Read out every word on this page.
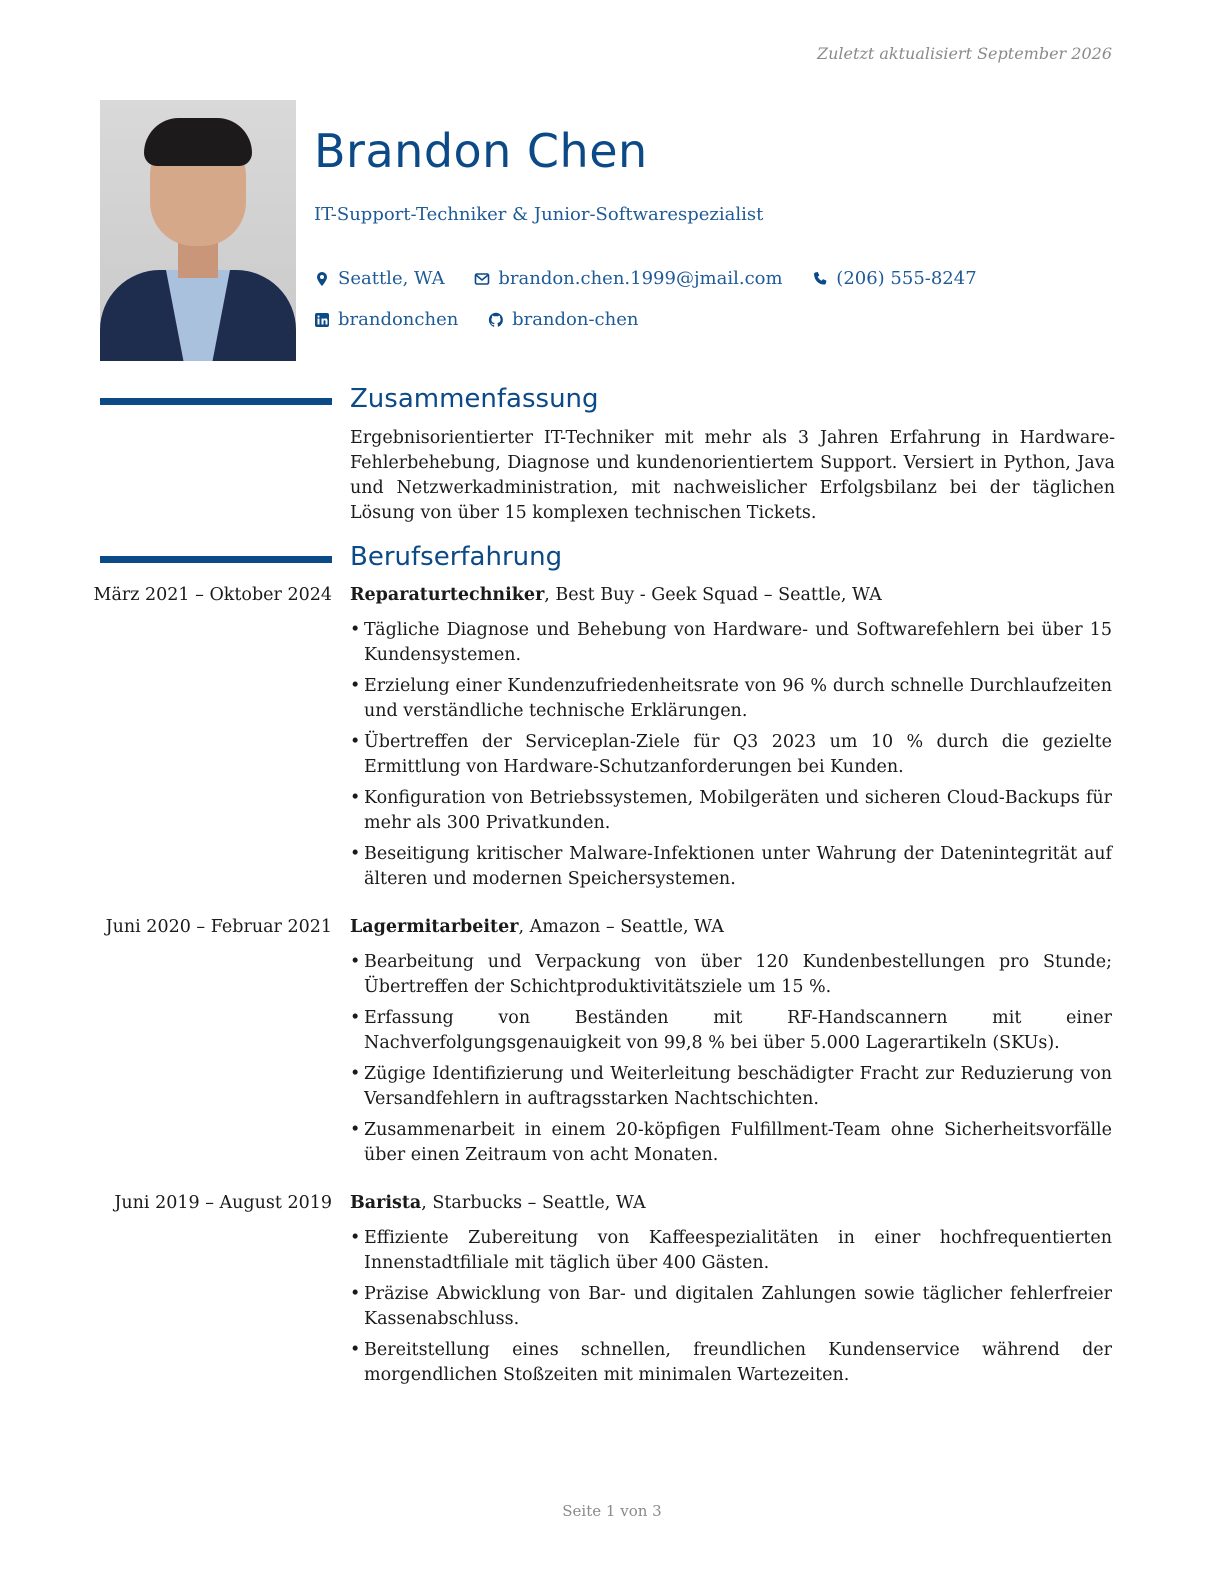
Zuletzt aktualisiert September 2026
Brandon Chen
IT-Support-Techniker & Junior-Softwarespezialist
Seattle, WA
	brandon.chen.1999@jmail.com
	(206) 555-8247

brandonchen
	brandon-chen
Zusammenfassung
Ergebnisorientierter IT-Techniker mit mehr als 3 Jahren Erfahrung in Hardware-Fehlerbehebung, Diagnose und kundenorientiertem Support. Versiert in Python, Java und Netzwerkadministration, mit nachweislicher Erfolgsbilanz bei der täglichen Lösung von über 15 komplexen technischen Tickets.
Berufserfahrung
März 2021 – Oktober 2024 Reparaturtechniker, Best Buy - Geek Squad – Seattle, WA
• Tägliche Diagnose und Behebung von Hardware- und Softwarefehlern bei über 15 Kundensystemen.
• Erzielung einer Kundenzufriedenheitsrate von 96 % durch schnelle Durchlaufzeiten und verständliche technische Erklärungen.
• Übertreffen der Serviceplan-Ziele für Q3 2023 um 10 % durch die gezielte Ermittlung von Hardware-Schutzanforderungen bei Kunden.
• Konfiguration von Betriebssystemen, Mobilgeräten und sicheren Cloud-Backups für mehr als 300 Privatkunden.
• Beseitigung kritischer Malware-Infektionen unter Wahrung der Datenintegrität auf älteren und modernen Speichersystemen.
Juni 2020 – Februar 2021 Lagermitarbeiter, Amazon – Seattle, WA
• Bearbeitung und Verpackung von über 120 Kundenbestellungen pro Stunde; Übertreffen der Schichtproduktivitätsziele um 15 %.
• Erfassung von Beständen mit RF-Handscannern mit einer Nachverfolgungsgenauigkeit von 99,8 % bei über 5.000 Lagerartikeln (SKUs).
• Zügige Identifizierung und Weiterleitung beschädigter Fracht zur Reduzierung von Versandfehlern in auftragsstarken Nachtschichten.
• Zusammenarbeit in einem 20-köpfigen Fulfillment-Team ohne Sicherheitsvorfälle über einen Zeitraum von acht Monaten.
Juni 2019 – August 2019 Barista, Starbucks – Seattle, WA
• Effiziente Zubereitung von Kaffeespezialitäten in einer hochfrequentierten Innenstadtfiliale mit täglich über 400 Gästen.
• Präzise Abwicklung von Bar- und digitalen Zahlungen sowie täglicher fehlerfreier Kassenabschluss.
• Bereitstellung eines schnellen, freundlichen Kundenservice während der morgendlichen Stoßzeiten mit minimalen Wartezeiten.
Seite 1 von 3
